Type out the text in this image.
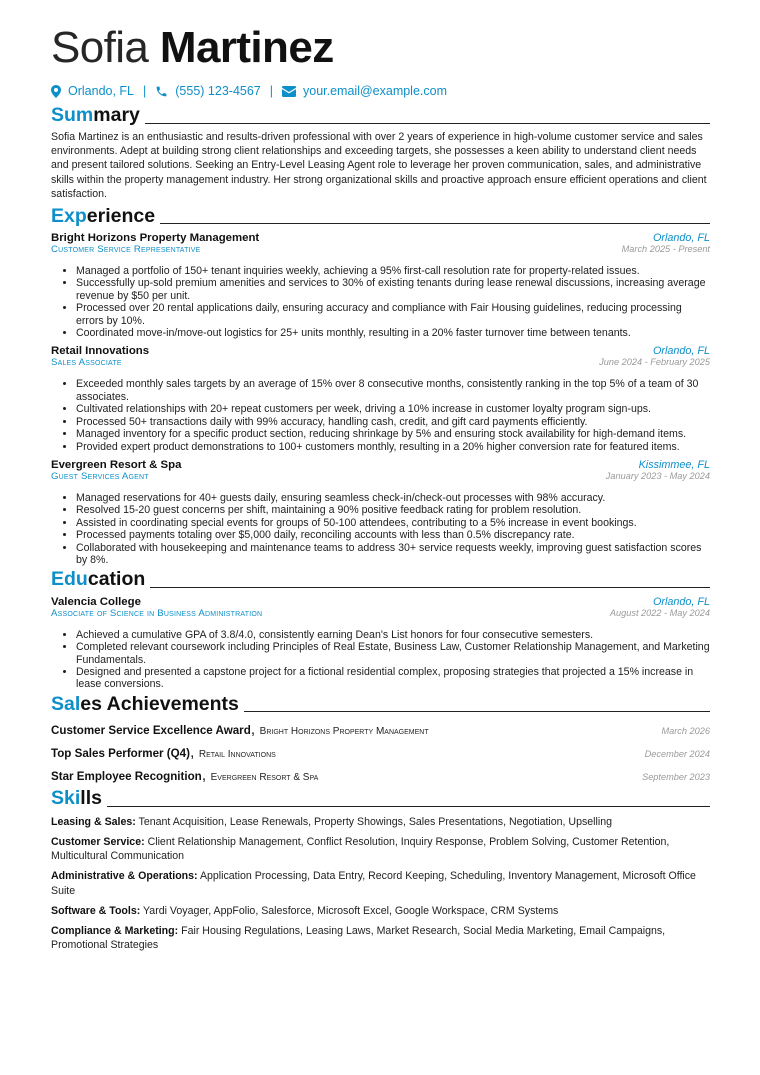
Sofia Martinez
Orlando, FL | (555) 123-4567 | your.email@example.com
Summary
Sofia Martinez is an enthusiastic and results-driven professional with over 2 years of experience in high-volume customer service and sales environments. Adept at building strong client relationships and exceeding targets, she possesses a keen ability to understand client needs and present tailored solutions. Seeking an Entry-Level Leasing Agent role to leverage her proven communication, sales, and administrative skills within the property management industry. Her strong organizational skills and proactive approach ensure efficient operations and client satisfaction.
Experience
Bright Horizons Property Management	Orlando, FL
Customer Service Representative	March 2025 - Present
• Managed a portfolio of 150+ tenant inquiries weekly, achieving a 95% first-call resolution rate for property-related issues.
• Successfully up-sold premium amenities and services to 30% of existing tenants during lease renewal discussions, increasing average revenue by $50 per unit.
• Processed over 20 rental applications daily, ensuring accuracy and compliance with Fair Housing guidelines, reducing processing errors by 10%.
• Coordinated move-in/move-out logistics for 25+ units monthly, resulting in a 20% faster turnover time between tenants.
Retail Innovations	Orlando, FL
Sales Associate	June 2024 - February 2025
• Exceeded monthly sales targets by an average of 15% over 8 consecutive months, consistently ranking in the top 5% of a team of 30 associates.
• Cultivated relationships with 20+ repeat customers per week, driving a 10% increase in customer loyalty program sign-ups.
• Processed 50+ transactions daily with 99% accuracy, handling cash, credit, and gift card payments efficiently.
• Managed inventory for a specific product section, reducing shrinkage by 5% and ensuring stock availability for high-demand items.
• Provided expert product demonstrations to 100+ customers monthly, resulting in a 20% higher conversion rate for featured items.
Evergreen Resort & Spa	Kissimmee, FL
Guest Services Agent	January 2023 - May 2024
• Managed reservations for 40+ guests daily, ensuring seamless check-in/check-out processes with 98% accuracy.
• Resolved 15-20 guest concerns per shift, maintaining a 90% positive feedback rating for problem resolution.
• Assisted in coordinating special events for groups of 50-100 attendees, contributing to a 5% increase in event bookings.
• Processed payments totaling over $5,000 daily, reconciling accounts with less than 0.5% discrepancy rate.
• Collaborated with housekeeping and maintenance teams to address 30+ service requests weekly, improving guest satisfaction scores by 8%.
Education
Valencia College	Orlando, FL
Associate of Science in Business Administration	August 2022 - May 2024
• Achieved a cumulative GPA of 3.8/4.0, consistently earning Dean's List honors for four consecutive semesters.
• Completed relevant coursework including Principles of Real Estate, Business Law, Customer Relationship Management, and Marketing Fundamentals.
• Designed and presented a capstone project for a fictional residential complex, proposing strategies that projected a 15% increase in lease conversions.
Sales Achievements
Customer Service Excellence Award, Bright Horizons Property Management	March 2026
Top Sales Performer (Q4), Retail Innovations	December 2024
Star Employee Recognition, Evergreen Resort & Spa	September 2023
Skills
Leasing & Sales: Tenant Acquisition, Lease Renewals, Property Showings, Sales Presentations, Negotiation, Upselling
Customer Service: Client Relationship Management, Conflict Resolution, Inquiry Response, Problem Solving, Customer Retention, Multicultural Communication
Administrative & Operations: Application Processing, Data Entry, Record Keeping, Scheduling, Inventory Management, Microsoft Office Suite
Software & Tools: Yardi Voyager, AppFolio, Salesforce, Microsoft Excel, Google Workspace, CRM Systems
Compliance & Marketing: Fair Housing Regulations, Leasing Laws, Market Research, Social Media Marketing, Email Campaigns, Promotional Strategies
